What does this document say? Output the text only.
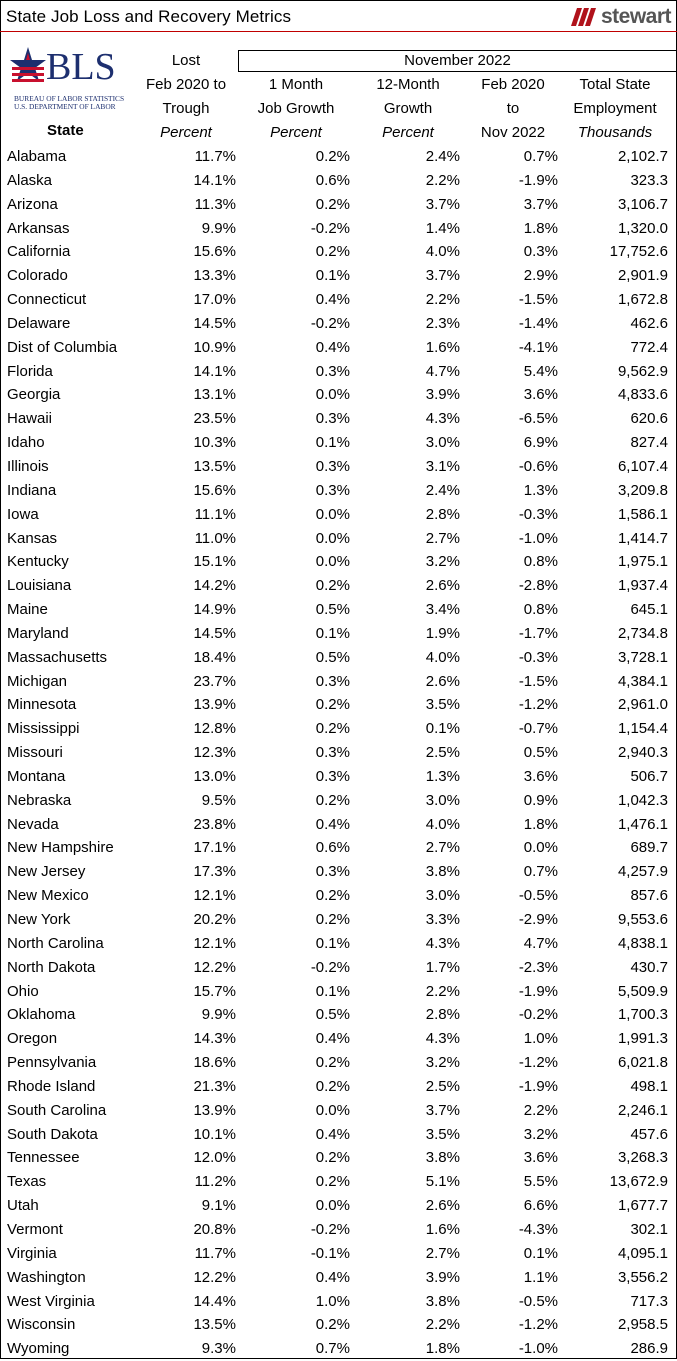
State Job Loss and Recovery Metrics	stewart
BLS
BUREAU OF LABOR STATISTICS
U.S. DEPARTMENT OF LABOR
November 2022
Lost
Feb 2020 to
Trough
Percent
1 Month
Job Growth
Percent
12-Month
Growth
Percent
Feb 2020
to
Nov 2022
Total State
Employment
Thousands
State
Alabama	11.7%	0.2%	2.4%	0.7%	2,102.7
Alaska	14.1%	0.6%	2.2%	-1.9%	323.3
Arizona	11.3%	0.2%	3.7%	3.7%	3,106.7
Arkansas	9.9%	-0.2%	1.4%	1.8%	1,320.0
California	15.6%	0.2%	4.0%	0.3%	17,752.6
Colorado	13.3%	0.1%	3.7%	2.9%	2,901.9
Connecticut	17.0%	0.4%	2.2%	-1.5%	1,672.8
Delaware	14.5%	-0.2%	2.3%	-1.4%	462.6
Dist of Columbia	10.9%	0.4%	1.6%	-4.1%	772.4
Florida	14.1%	0.3%	4.7%	5.4%	9,562.9
Georgia	13.1%	0.0%	3.9%	3.6%	4,833.6
Hawaii	23.5%	0.3%	4.3%	-6.5%	620.6
Idaho	10.3%	0.1%	3.0%	6.9%	827.4
Illinois	13.5%	0.3%	3.1%	-0.6%	6,107.4
Indiana	15.6%	0.3%	2.4%	1.3%	3,209.8
Iowa	11.1%	0.0%	2.8%	-0.3%	1,586.1
Kansas	11.0%	0.0%	2.7%	-1.0%	1,414.7
Kentucky	15.1%	0.0%	3.2%	0.8%	1,975.1
Louisiana	14.2%	0.2%	2.6%	-2.8%	1,937.4
Maine	14.9%	0.5%	3.4%	0.8%	645.1
Maryland	14.5%	0.1%	1.9%	-1.7%	2,734.8
Massachusetts	18.4%	0.5%	4.0%	-0.3%	3,728.1
Michigan	23.7%	0.3%	2.6%	-1.5%	4,384.1
Minnesota	13.9%	0.2%	3.5%	-1.2%	2,961.0
Mississippi	12.8%	0.2%	0.1%	-0.7%	1,154.4
Missouri	12.3%	0.3%	2.5%	0.5%	2,940.3
Montana	13.0%	0.3%	1.3%	3.6%	506.7
Nebraska	9.5%	0.2%	3.0%	0.9%	1,042.3
Nevada	23.8%	0.4%	4.0%	1.8%	1,476.1
New Hampshire	17.1%	0.6%	2.7%	0.0%	689.7
New Jersey	17.3%	0.3%	3.8%	0.7%	4,257.9
New Mexico	12.1%	0.2%	3.0%	-0.5%	857.6
New York	20.2%	0.2%	3.3%	-2.9%	9,553.6
North Carolina	12.1%	0.1%	4.3%	4.7%	4,838.1
North Dakota	12.2%	-0.2%	1.7%	-2.3%	430.7
Ohio	15.7%	0.1%	2.2%	-1.9%	5,509.9
Oklahoma	9.9%	0.5%	2.8%	-0.2%	1,700.3
Oregon	14.3%	0.4%	4.3%	1.0%	1,991.3
Pennsylvania	18.6%	0.2%	3.2%	-1.2%	6,021.8
Rhode Island	21.3%	0.2%	2.5%	-1.9%	498.1
South Carolina	13.9%	0.0%	3.7%	2.2%	2,246.1
South Dakota	10.1%	0.4%	3.5%	3.2%	457.6
Tennessee	12.0%	0.2%	3.8%	3.6%	3,268.3
Texas	11.2%	0.2%	5.1%	5.5%	13,672.9
Utah	9.1%	0.0%	2.6%	6.6%	1,677.7
Vermont	20.8%	-0.2%	1.6%	-4.3%	302.1
Virginia	11.7%	-0.1%	2.7%	0.1%	4,095.1
Washington	12.2%	0.4%	3.9%	1.1%	3,556.2
West Virginia	14.4%	1.0%	3.8%	-0.5%	717.3
Wisconsin	13.5%	0.2%	2.2%	-1.2%	2,958.5
Wyoming	9.3%	0.7%	1.8%	-1.0%	286.9
